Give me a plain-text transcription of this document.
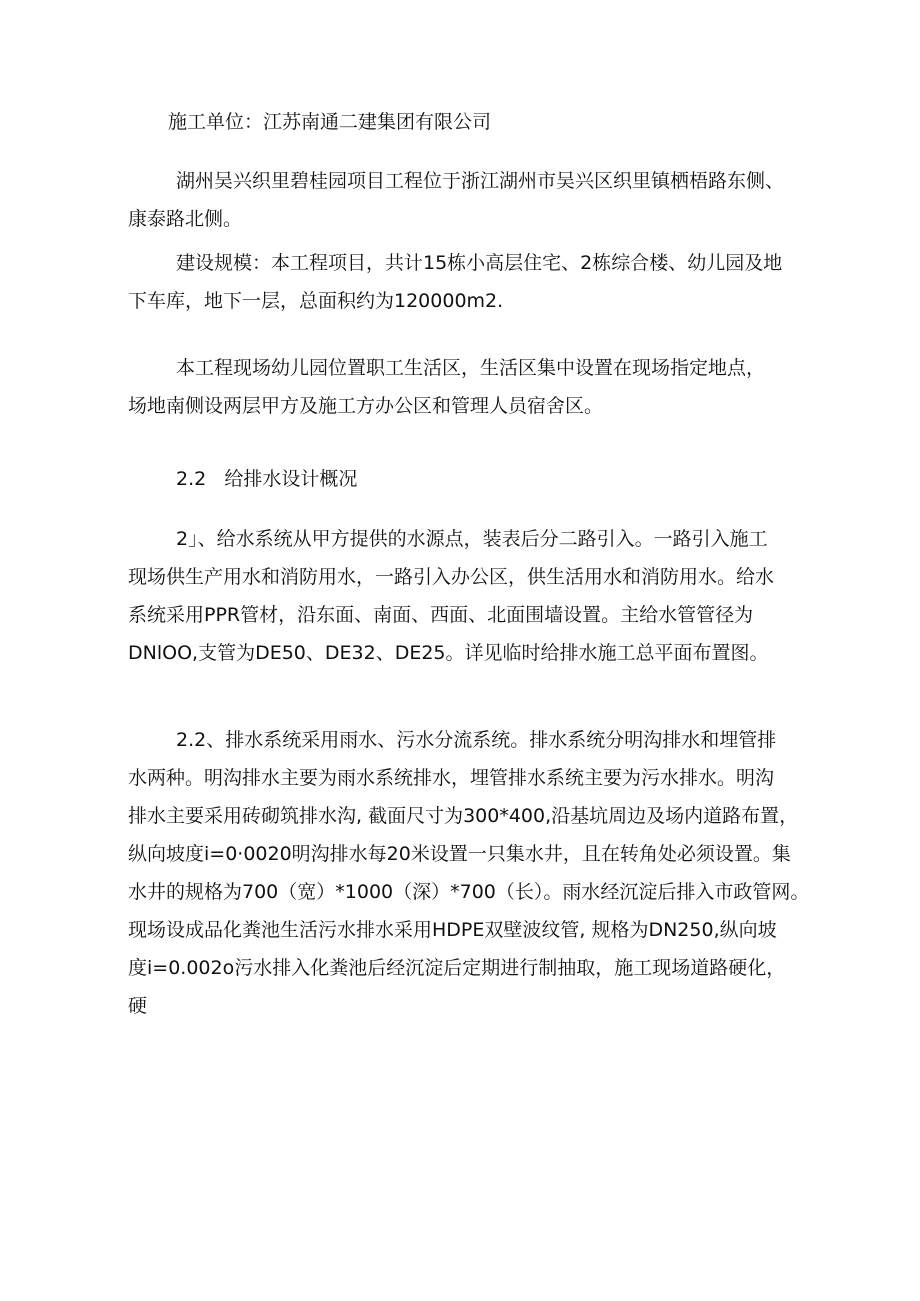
施工单位：江苏南通二建集团有限公司

湖州吴兴织里碧桂园项目工程位于浙江湖州市吴兴区织里镇栖梧路东侧、
康泰路北侧。

建设规模：本工程项目，共计15栋小高层住宅、2栋综合楼、幼儿园及地
下车库，地下一层，总面积约为120000m2.

本工程现场幼儿园位置职工生活区，生活区集中设置在现场指定地点，
场地南侧设两层甲方及施工方办公区和管理人员宿舍区。

2.2   给排水设计概况

2」、给水系统从甲方提供的水源点，装表后分二路引入。一路引入施工
现场供生产用水和消防用水，一路引入办公区，供生活用水和消防用水。给水
系统采用PPR管材，沿东面、南面、西面、北面围墙设置。主给水管管径为
DNlOO,支管为DE50、DE32、DE25。详见临时给排水施工总平面布置图。

2.2、排水系统采用雨水、污水分流系统。排水系统分明沟排水和埋管排
水两种。明沟排水主要为雨水系统排水，埋管排水系统主要为污水排水。明沟
排水主要采用砖砌筑排水沟, 截面尺寸为300*400,沿基坑周边及场内道路布置，
纵向坡度i=0·0020明沟排水每20米设置一只集水井，且在转角处必须设置。集
水井的规格为700（宽）*1000（深）*700（长）。雨水经沉淀后排入市政管网。
现场设成品化粪池生活污水排水采用HDPE双壁波纹管, 规格为DN250,纵向坡
度i=0.002o污水排入化粪池后经沉淀后定期进行制抽取，施工现场道路硬化，
硬
